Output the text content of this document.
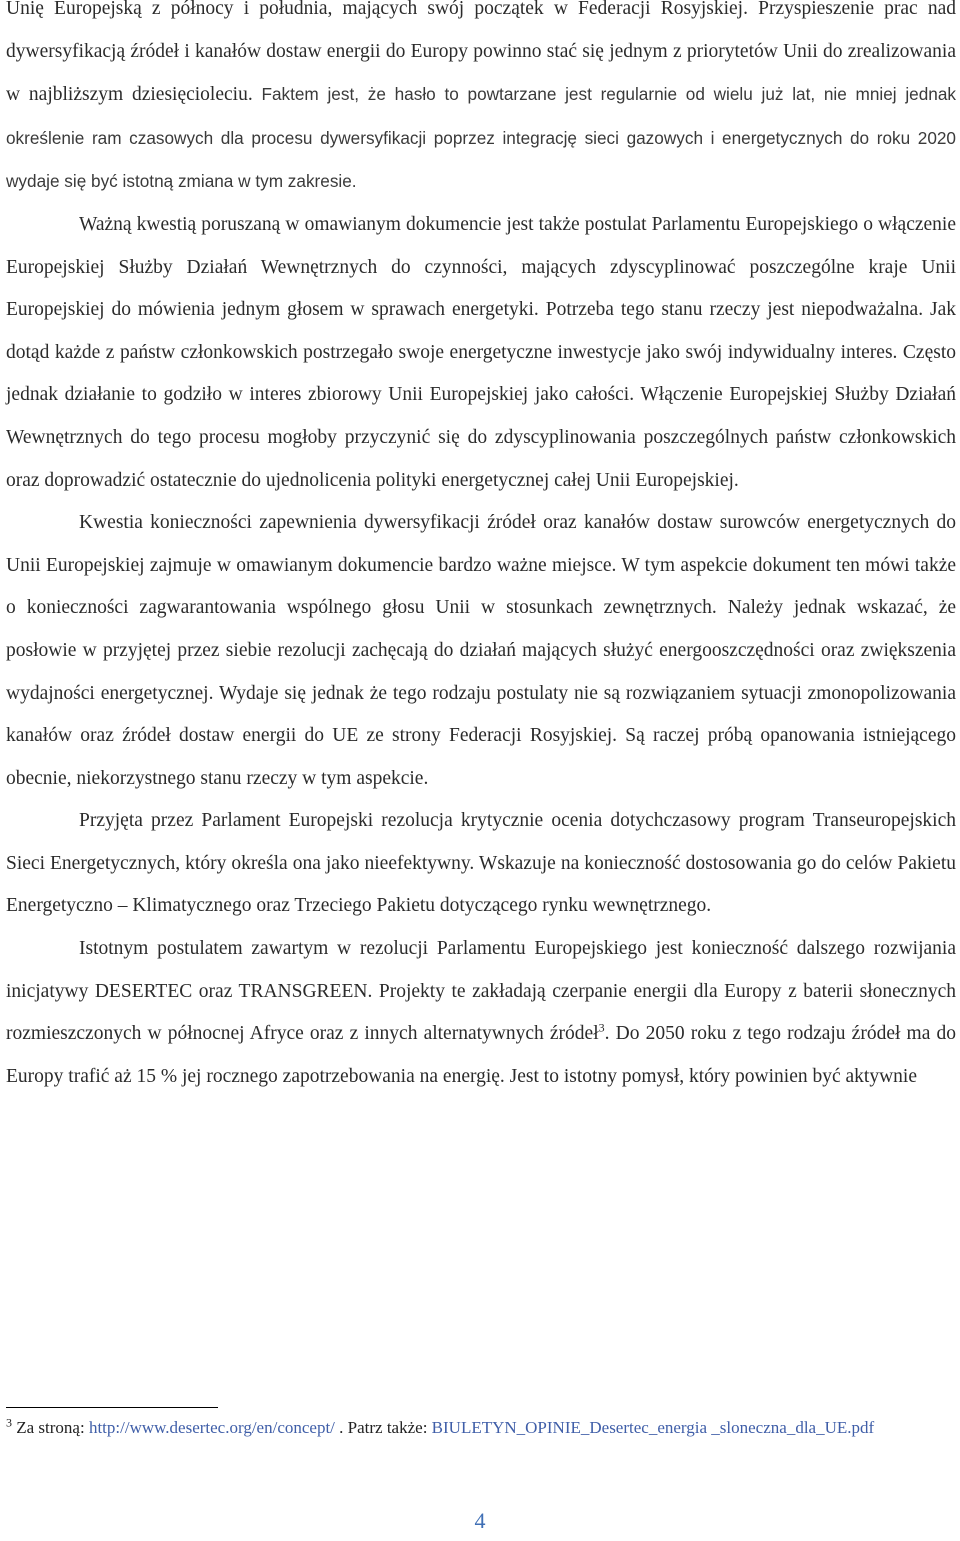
Unię Europejską z północy i południa, mających swój początek w Federacji Rosyjskiej. Przyspieszenie prac nad dywersyfikacją źródeł i kanałów dostaw energii do Europy powinno stać się jednym z priorytetów Unii do zrealizowania w najbliższym dziesięcioleciu. Faktem jest, że hasło to powtarzane jest regularnie od wielu już lat, nie mniej jednak określenie ram czasowych dla procesu dywersyfikacji poprzez integrację sieci gazowych i energetycznych do roku 2020 wydaje się być istotną zmiana w tym zakresie.

Ważną kwestią poruszaną w omawianym dokumencie jest także postulat Parlamentu Europejskiego o włączenie Europejskiej Służby Działań Wewnętrznych do czynności, mających zdyscyplinować poszczególne kraje Unii Europejskiej do mówienia jednym głosem w sprawach energetyki. Potrzeba tego stanu rzeczy jest niepodważalna. Jak dotąd każde z państw członkowskich postrzegało swoje energetyczne inwestycje jako swój indywidualny interes. Często jednak działanie to godziło w interes zbiorowy Unii Europejskiej jako całości. Włączenie Europejskiej Służby Działań Wewnętrznych do tego procesu mogłoby przyczynić się do zdyscyplinowania poszczególnych państw członkowskich oraz doprowadzić ostatecznie do ujednolicenia polityki energetycznej całej Unii Europejskiej.

Kwestia konieczności zapewnienia dywersyfikacji źródeł oraz kanałów dostaw surowców energetycznych do Unii Europejskiej zajmuje w omawianym dokumencie bardzo ważne miejsce. W tym aspekcie dokument ten mówi także o konieczności zagwarantowania wspólnego głosu Unii w stosunkach zewnętrznych. Należy jednak wskazać, że posłowie w przyjętej przez siebie rezolucji zachęcają do działań mających służyć energooszczędności oraz zwiększenia wydajności energetycznej. Wydaje się jednak że tego rodzaju postulaty nie są rozwiązaniem sytuacji zmonopolizowania kanałów oraz źródeł dostaw energii do UE ze strony Federacji Rosyjskiej. Są raczej próbą opanowania istniejącego obecnie, niekorzystnego stanu rzeczy w tym aspekcie.

Przyjęta przez Parlament Europejski rezolucja krytycznie ocenia dotychczasowy program Transeuropejskich Sieci Energetycznych, który określa ona jako nieefektywny. Wskazuje na konieczność dostosowania go do celów Pakietu Energetyczno – Klimatycznego oraz Trzeciego Pakietu dotyczącego rynku wewnętrznego.

Istotnym postulatem zawartym w rezolucji Parlamentu Europejskiego jest konieczność dalszego rozwijania inicjatywy DESERTEC oraz TRANSGREEN. Projekty te zakładają czerpanie energii dla Europy z baterii słonecznych rozmieszczonych w północnej Afryce oraz z innych alternatywnych źródeł$^3$. Do 2050 roku z tego rodzaju źródeł ma do Europy trafić aż 15 % jej rocznego zapotrzebowania na energię. Jest to istotny pomysł, który powinien być aktywnie

$^3$ Za stroną: http://www.desertec.org/en/concept/ . Patrz także: BIULETYN_OPINIE_Desertec_energia _sloneczna_dla_UE.pdf
4
